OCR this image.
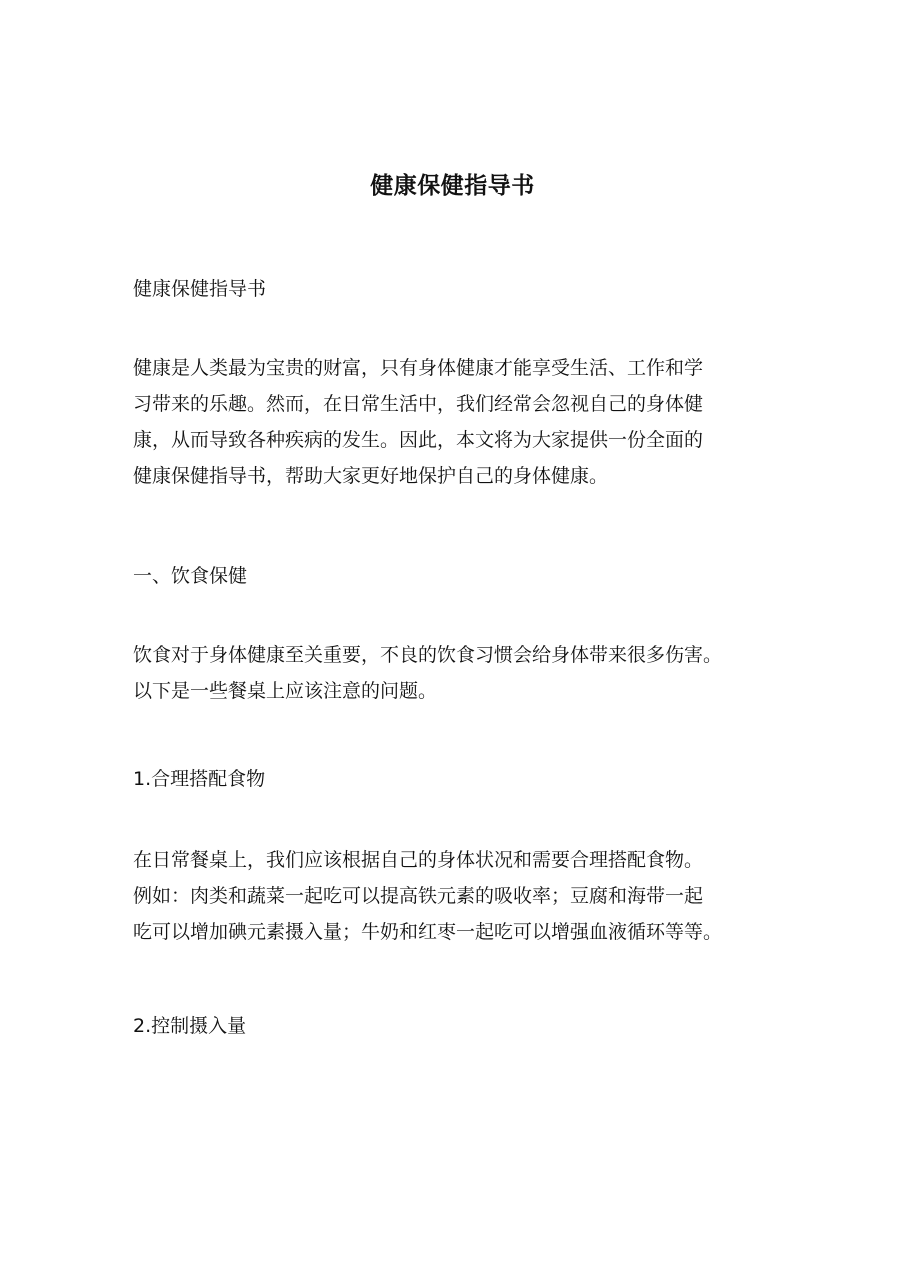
健康保健指导书
健康保健指导书
健康是人类最为宝贵的财富，只有身体健康才能享受生活、工作和学
习带来的乐趣。然而，在日常生活中，我们经常会忽视自己的身体健
康，从而导致各种疾病的发生。因此，本文将为大家提供一份全面的
健康保健指导书，帮助大家更好地保护自己的身体健康。
一、饮食保健
饮食对于身体健康至关重要，不良的饮食习惯会给身体带来很多伤害。
以下是一些餐桌上应该注意的问题。
1.合理搭配食物
在日常餐桌上，我们应该根据自己的身体状况和需要合理搭配食物。
例如：肉类和蔬菜一起吃可以提高铁元素的吸收率；豆腐和海带一起
吃可以增加碘元素摄入量；牛奶和红枣一起吃可以增强血液循环等等。
2.控制摄入量
